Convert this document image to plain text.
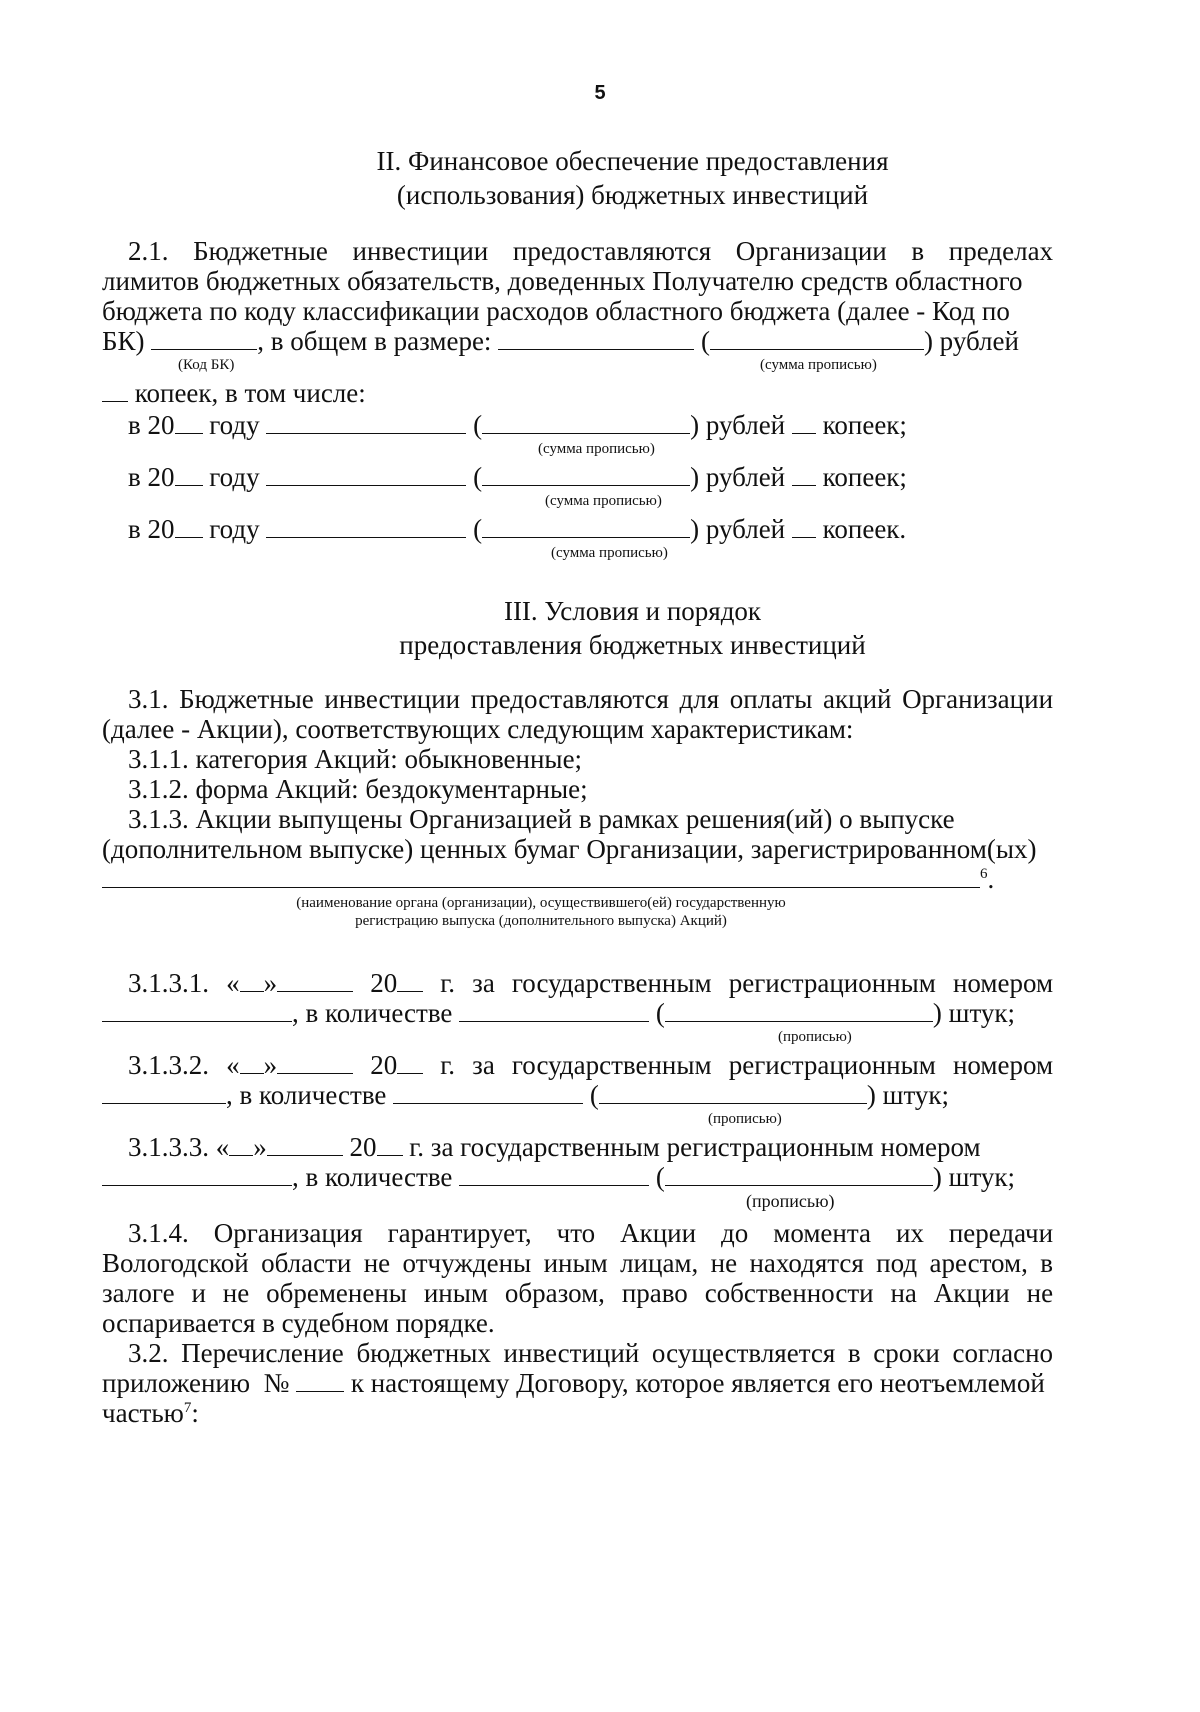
5
II. Финансовое обеспечение предоставления
(использования) бюджетных инвестиций
2.1. Бюджетные инвестиции предоставляются Организации в пределах
лимитов бюджетных обязательств, доведенных Получателю средств областного
бюджета по коду классификации расходов областного бюджета (далее - Код по
БК)	, в общем в размере:	(	) рублей
(Код БК)	(сумма прописью)
копеек, в том числе:
в 20 году	(	) рублей копеек;
(сумма прописью)
в 20 году	(	) рублей копеек;
(сумма прописью)
в 20 году	(	) рублей копеек.
(сумма прописью)
III. Условия и порядок
предоставления бюджетных инвестиций
3.1. Бюджетные инвестиции предоставляются для оплаты акций Организации
(далее - Акции), соответствующих следующим характеристикам:
3.1.1. категория Акций: обыкновенные;
3.1.2. форма Акций: бездокументарные;
3.1.3. Акции выпущены Организацией в рамках решения(ий) о выпуске
(дополнительном выпуске) ценных бумаг Организации, зарегистрированном(ых)
$^6$.
(наименование органа (организации), осуществившего(ей) государственную
регистрацию выпуска (дополнительного выпуска) Акций)
3.1.3.1. « »	20 г. за государственным регистрационным номером
, в количестве	(	) штук;
(прописью)
3.1.3.2. « »	20 г. за государственным регистрационным номером
, в количестве	(	) штук;
(прописью)
3.1.3.3. « »	20 г. за государственным регистрационным номером
, в количестве	(	) штук;
(прописью)
3.1.4. Организация гарантирует, что Акции до момента их передачи
Вологодской области не отчуждены иным лицам, не находятся под арестом, в
залоге и не обременены иным образом, право собственности на Акции не
оспаривается в судебном порядке.
3.2. Перечисление бюджетных инвестиций осуществляется в сроки согласно
приложению № к настоящему Договору, которое является его неотъемлемой
частью$^7$:
